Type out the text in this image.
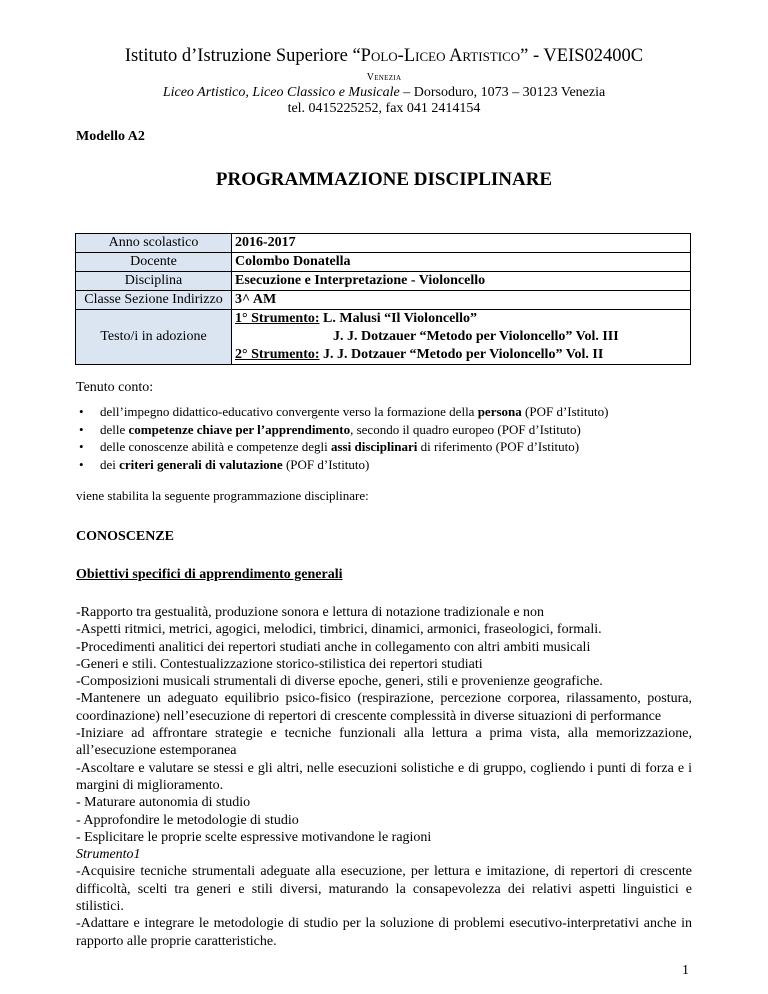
Istituto d’Istruzione Superiore “Polo-Liceo Artistico” - VEIS02400C
Venezia
Liceo Artistico, Liceo Classico e Musicale – Dorsoduro, 1073 – 30123 Venezia
tel. 0415225252, fax 041 2414154
Modello A2
PROGRAMMAZIONE DISCIPLINARE
Anno scolastico	2016-2017
Docente	Colombo Donatella
Disciplina	Esecuzione e Interpretazione - Violoncello
Classe Sezione Indirizzo	3^ AM
Testo/i in adozione	1° Strumento: L. Malusi “Il Violoncello”
J. J. Dotzauer “Metodo per Violoncello” Vol. III
2° Strumento: J. J. Dotzauer “Metodo per Violoncello” Vol. II
Tenuto conto:
• dell’impegno didattico-educativo convergente verso la formazione della persona (POF d’Istituto)
• delle competenze chiave per l’apprendimento, secondo il quadro europeo (POF d’Istituto)
• delle conoscenze abilità e competenze degli assi disciplinari di riferimento (POF d’Istituto)
• dei criteri generali di valutazione (POF d’Istituto)
viene stabilita la seguente programmazione disciplinare:
CONOSCENZE
Obiettivi specifici di apprendimento generali

-Rapporto tra gestualità, produzione sonora e lettura di notazione tradizionale e non

-Aspetti ritmici, metrici, agogici, melodici, timbrici, dinamici, armonici, fraseologici, formali.

-Procedimenti analitici dei repertori studiati anche in collegamento con altri ambiti musicali

-Generi e stili. Contestualizzazione storico-stilistica dei repertori studiati

-Composizioni musicali strumentali di diverse epoche, generi, stili e provenienze geografiche.

-Mantenere un adeguato equilibrio psico-fisico (respirazione, percezione corporea, rilassamento, postura, coordinazione) nell’esecuzione di repertori di crescente complessità in diverse situazioni di performance

-Iniziare ad affrontare strategie e tecniche funzionali alla lettura a prima vista, alla memorizzazione, all’esecuzione estemporanea

-Ascoltare e valutare se stessi e gli altri, nelle esecuzioni solistiche e di gruppo, cogliendo i punti di forza e i margini di miglioramento.

- Maturare autonomia di studio

- Approfondire le metodologie di studio

- Esplicitare le proprie scelte espressive motivandone le ragioni

Strumento1

-Acquisire tecniche strumentali adeguate alla esecuzione, per lettura e imitazione, di repertori di crescente difficoltà, scelti tra generi e stili diversi, maturando la consapevolezza dei relativi aspetti linguistici e stilistici.

-Adattare e integrare le metodologie di studio per la soluzione di problemi esecutivo-interpretativi anche in rapporto alle proprie caratteristiche.

1
